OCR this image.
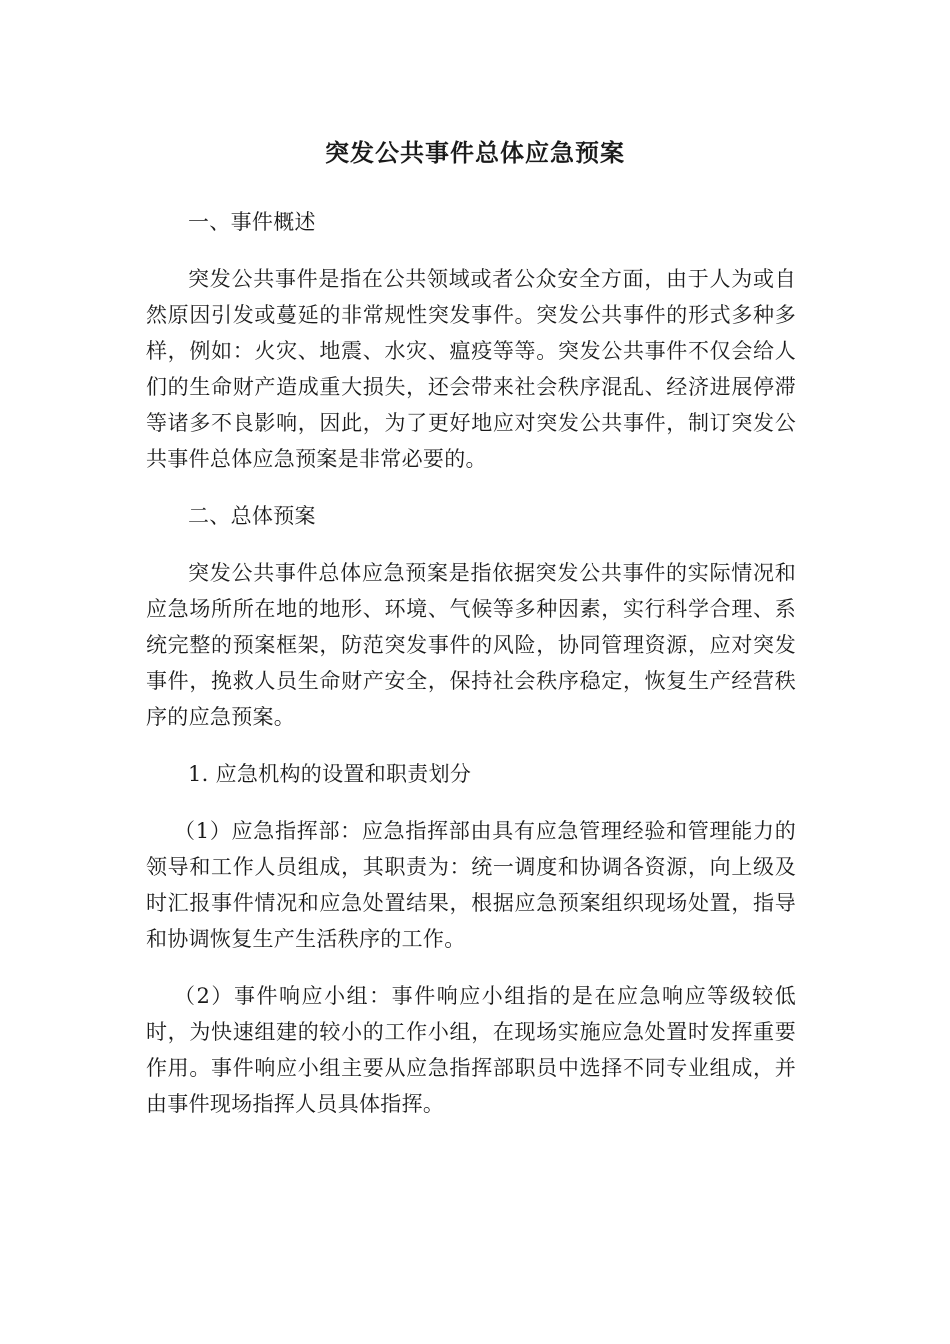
突发公共事件总体应急预案

一、事件概述

突发公共事件是指在公共领域或者公众安全方面，由于人为或自然原因引发或蔓延的非常规性突发事件。突发公共事件的形式多种多样，例如：火灾、地震、水灾、瘟疫等等。突发公共事件不仅会给人们的生命财产造成重大损失，还会带来社会秩序混乱、经济进展停滞等诸多不良影响，因此，为了更好地应对突发公共事件，制订突发公共事件总体应急预案是非常必要的。

二、总体预案

突发公共事件总体应急预案是指依据突发公共事件的实际情况和应急场所所在地的地形、环境、气候等多种因素，实行科学合理、系统完整的预案框架，防范突发事件的风险，协同管理资源，应对突发事件，挽救人员生命财产安全，保持社会秩序稳定，恢复生产经营秩序的应急预案。

1. 应急机构的设置和职责划分

（1）应急指挥部：应急指挥部由具有应急管理经验和管理能力的领导和工作人员组成，其职责为：统一调度和协调各资源，向上级及时汇报事件情况和应急处置结果，根据应急预案组织现场处置，指导和协调恢复生产生活秩序的工作。

（2）事件响应小组：事件响应小组指的是在应急响应等级较低时，为快速组建的较小的工作小组，在现场实施应急处置时发挥重要作用。事件响应小组主要从应急指挥部职员中选择不同专业组成，并由事件现场指挥人员具体指挥。
